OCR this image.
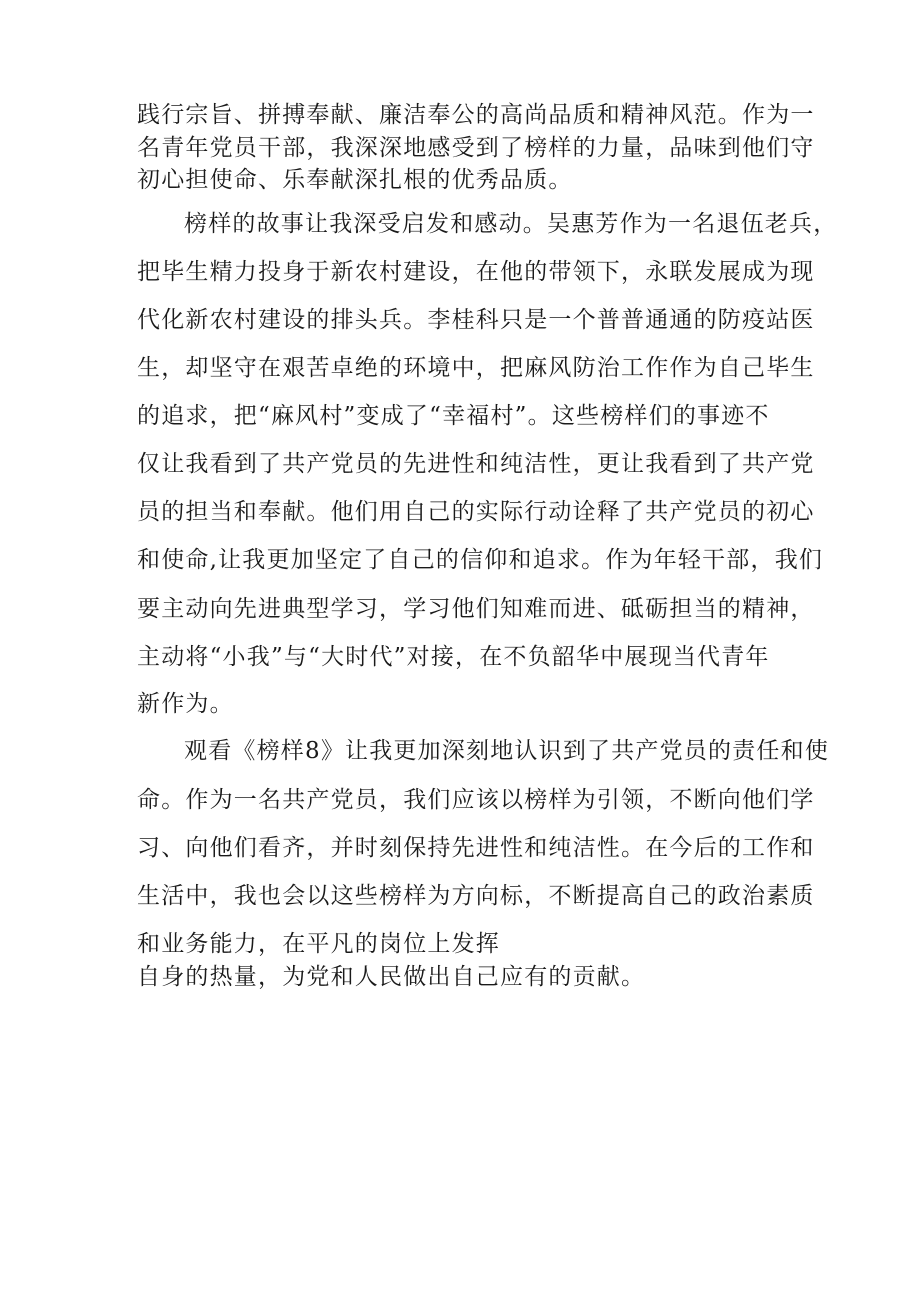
践行宗旨、拼搏奉献、廉洁奉公的高尚品质和精神风范。作为一
名青年党员干部，我深深地感受到了榜样的力量，品味到他们守
初心担使命、乐奉献深扎根的优秀品质。
榜样的故事让我深受启发和感动。吴惠芳作为一名退伍老兵，
把毕生精力投身于新农村建设，在他的带领下，永联发展成为现
代化新农村建设的排头兵。李桂科只是一个普普通通的防疫站医
生，却坚守在艰苦卓绝的环境中，把麻风防治工作作为自己毕生
的追求，把“麻风村”变成了“幸福村”。这些榜样们的事迹不
仅让我看到了共产党员的先进性和纯洁性，更让我看到了共产党
员的担当和奉献。他们用自己的实际行动诠释了共产党员的初心
和使命,让我更加坚定了自己的信仰和追求。作为年轻干部，我们
要主动向先进典型学习，学习他们知难而进、砥砺担当的精神，
主动将“小我”与“大时代”对接，在不负韶华中展现当代青年
新作为。
观看《榜样8》让我更加深刻地认识到了共产党员的责任和使
命。作为一名共产党员，我们应该以榜样为引领，不断向他们学
习、向他们看齐，并时刻保持先进性和纯洁性。在今后的工作和
生活中，我也会以这些榜样为方向标，不断提高自己的政治素质
和业务能力，在平凡的岗位上发挥
自身的热量，为党和人民做出自己应有的贡献。
